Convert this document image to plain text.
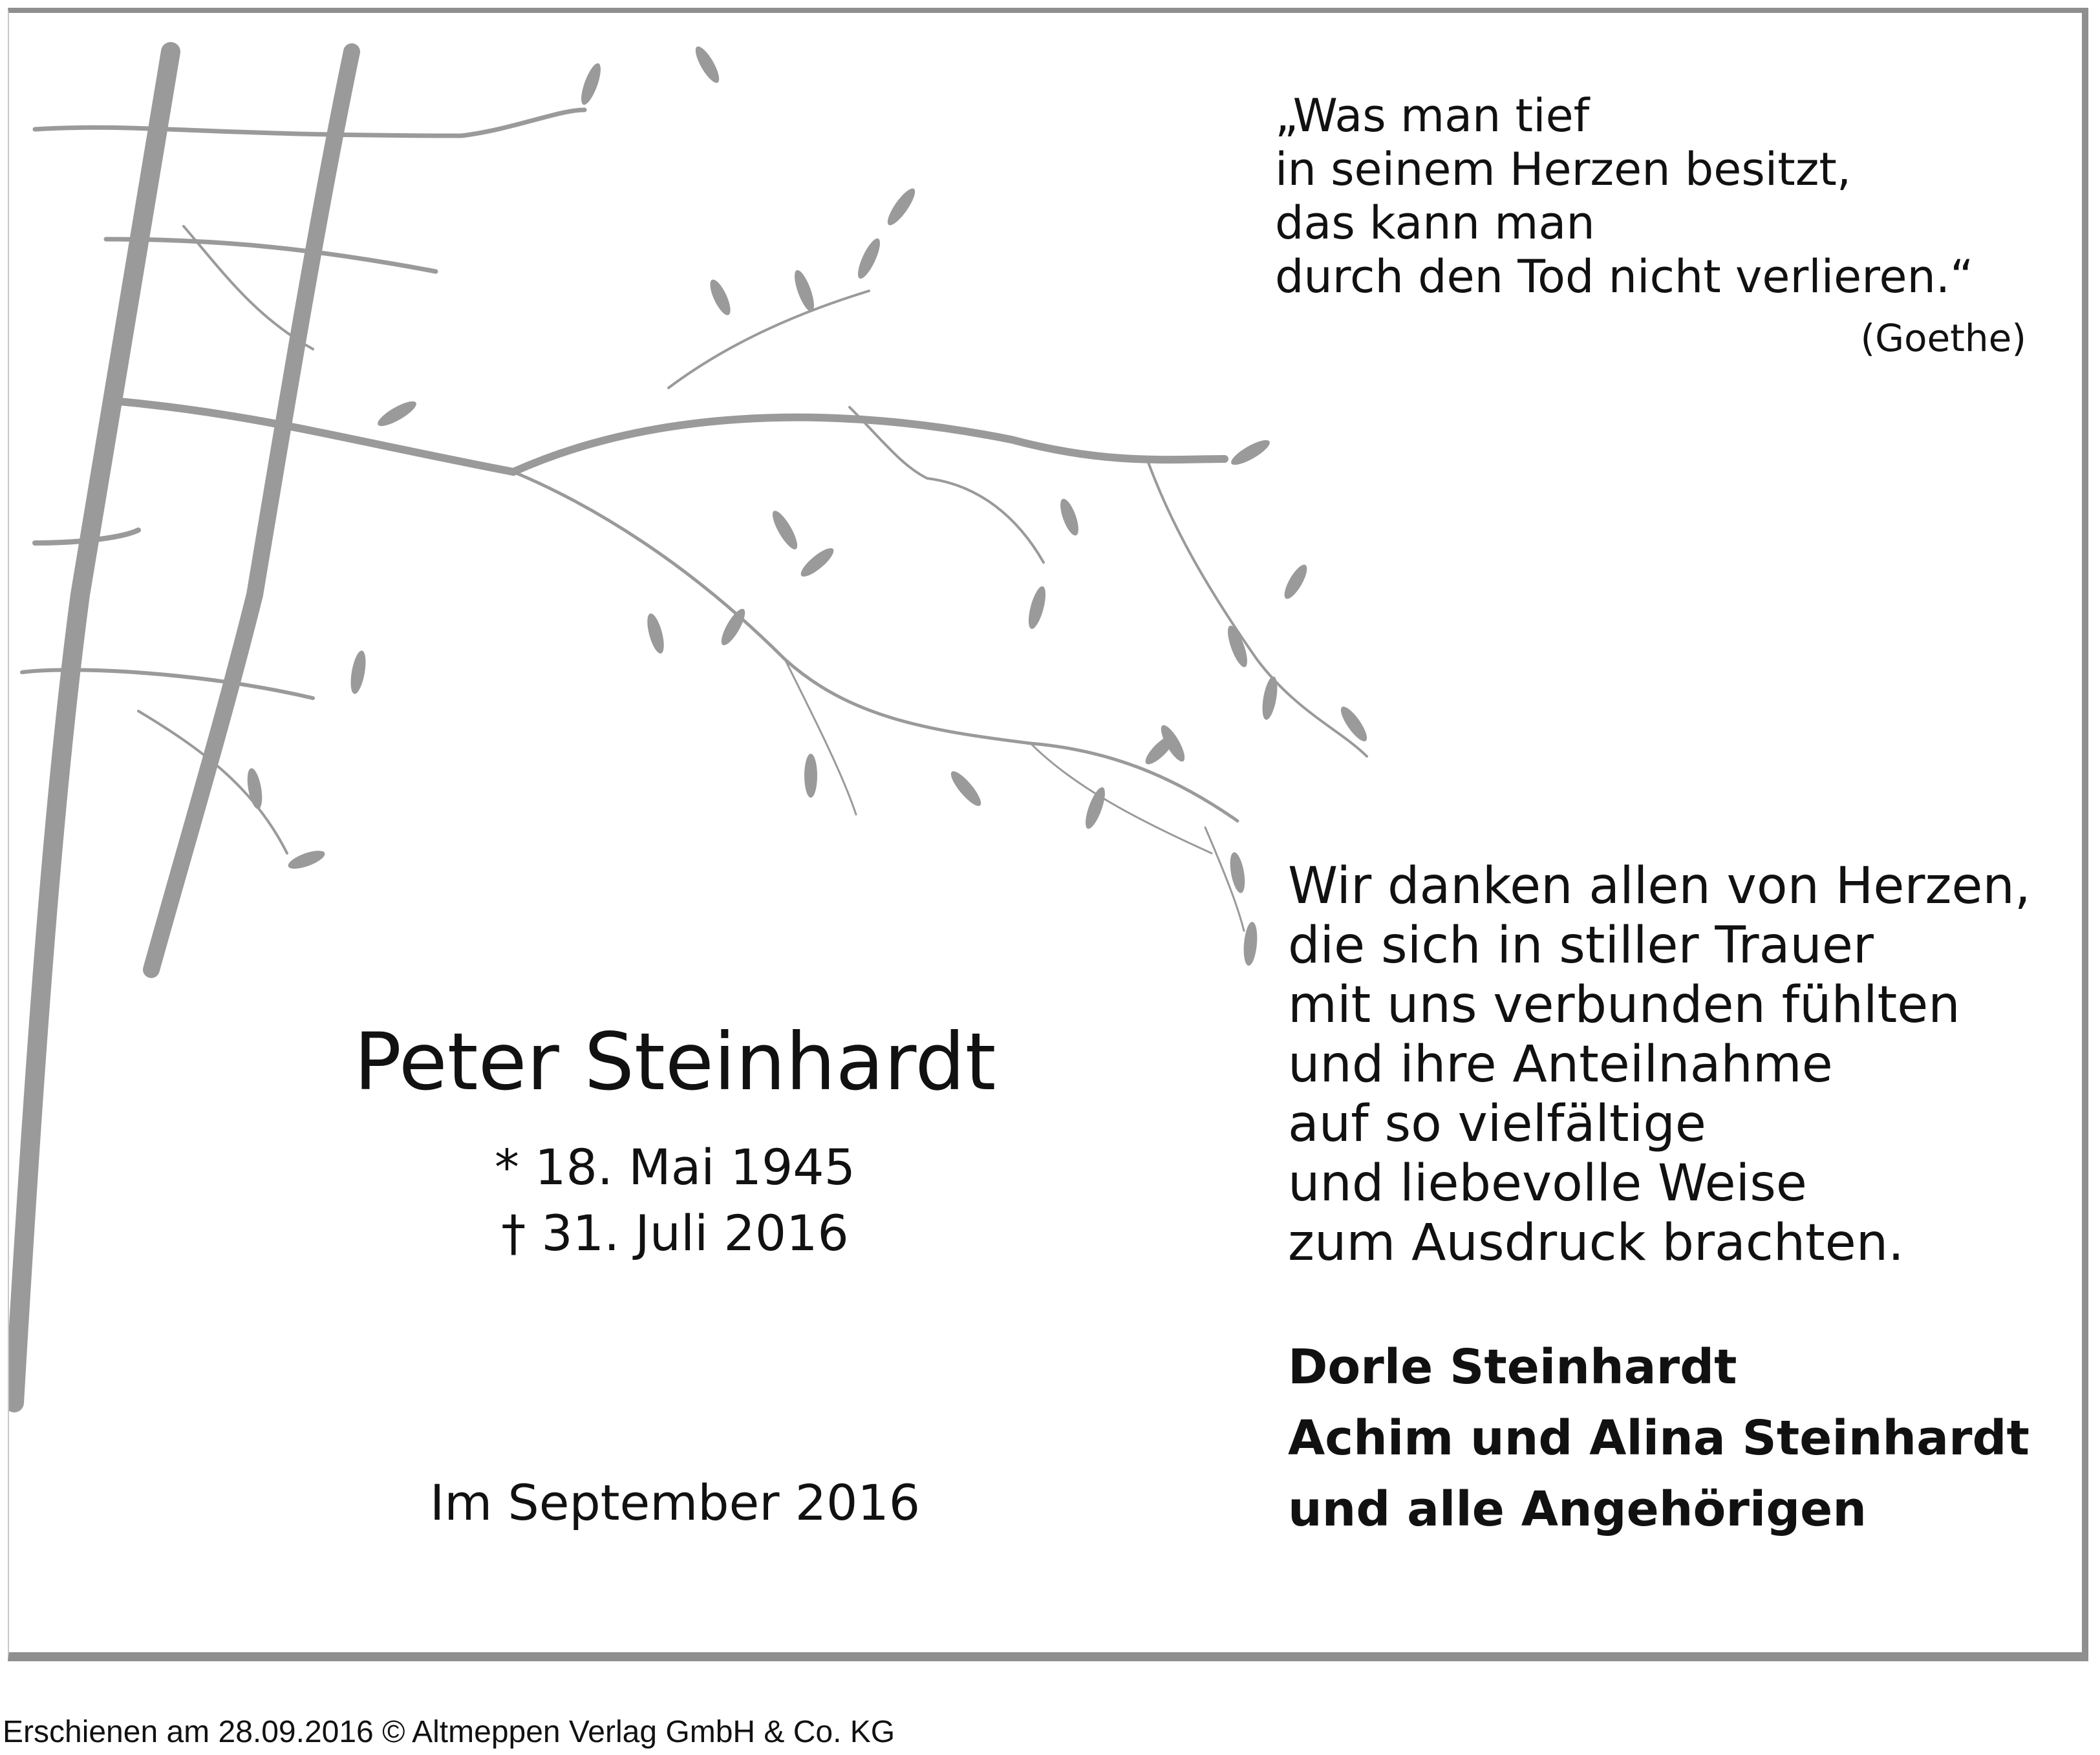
„Was man tief
in seinem Herzen besitzt,
das kann man
durch den Tod nicht verlieren.“
(Goethe)
Peter Steinhardt
* 18. Mai 1945
† 31. Juli 2016
Im September 2016
Wir danken allen von Herzen,
die sich in stiller Trauer
mit uns verbunden fühlten
und ihre Anteilnahme
auf so vielfältige
und liebevolle Weise
zum Ausdruck brachten.
Dorle Steinhardt
Achim und Alina Steinhardt
und alle Angehörigen
Erschienen am 28.09.2016 © Altmeppen Verlag GmbH & Co. KG
